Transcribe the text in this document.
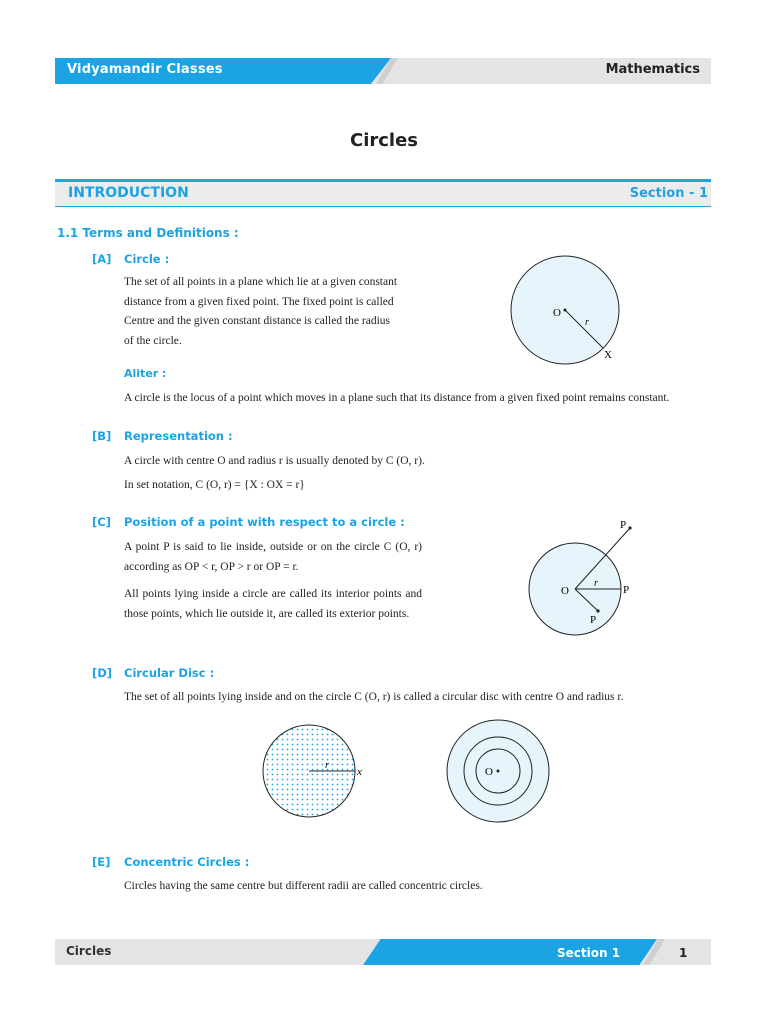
Vidyamandir Classes	Mathematics
Circles
INTRODUCTION	Section - 1
1.1 Terms and Definitions :
[A] Circle :
The set of all points in a plane which lie at a given constant
distance from a given fixed point. The fixed point is called
Centre and the given constant distance is called the radius
of the circle.
Aliter :
A circle is the locus of a point which moves in a plane such that its distance from a given fixed point remains constant.
O
r
X
[B] Representation :
A circle with centre O and radius r is usually denoted by C (O, r).
In set notation, C (O, r) = {X : OX = r}
[C] Position of a point with respect to a circle :
A point P is said to lie inside, outside or on the circle C (O, r) according as OP < r, OP > r or OP = r.
All points lying inside a circle are called its interior points and those points, which lie outside it, are called its exterior points.
P
O
r
P
P
[D] Circular Disc :
The set of all points lying inside and on the circle C (O, r) is called a circular disc with centre O and radius r.
r
x	O
[E] Concentric Circles :
Circles having the same centre but different radii are called concentric circles.
Circles	Section 1	1
